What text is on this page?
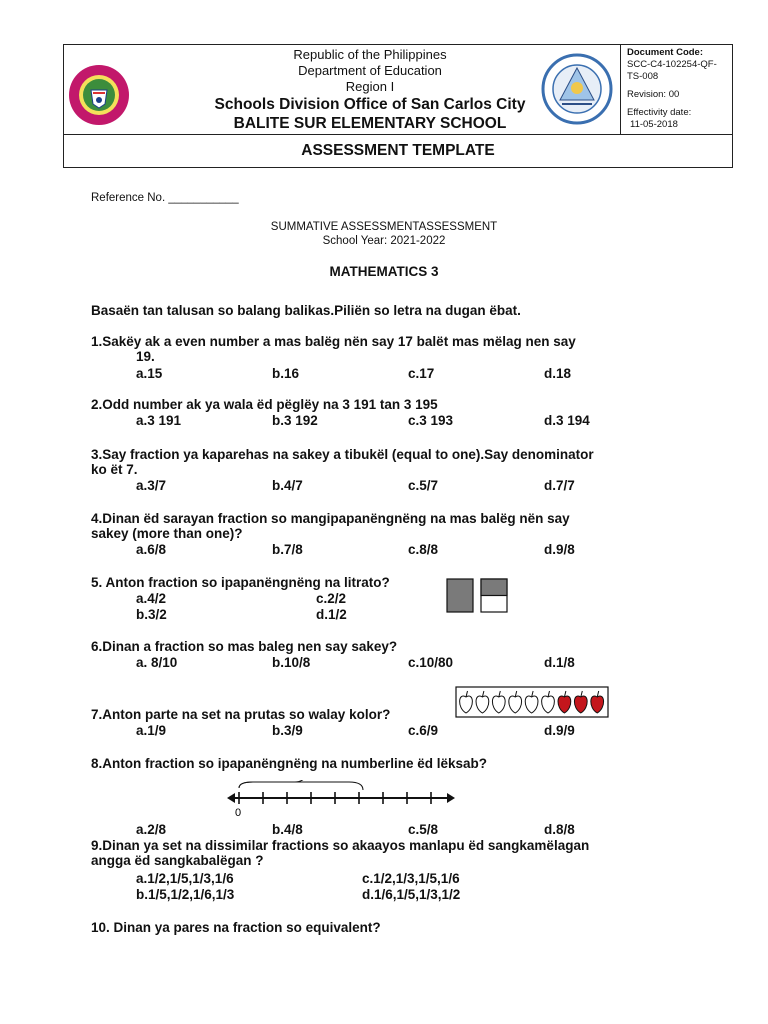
Republic of the Philippines
Department of Education
Region I
Schools Division Office of San Carlos City
BALITE SUR ELEMENTARY SCHOOL
Document Code:
SCC-C4-102254-QF-
TS-008
Revision: 00
Effectivity date:
11-05-2018
ASSESSMENT TEMPLATE
Reference No. ___________
SUMMATIVE ASSESSMENTASSESSMENT
School Year: 2021-2022
MATHEMATICS 3
Basaën tan talusan so balang balikas.Piliën so letra na dugan ëbat.
1.Sakëy ak a even number a mas balëg nën say 17 balët mas mëlag nen say
19.
a.15	b.16	c.17	d.18
2.Odd number ak ya wala ëd pëglëy na 3 191 tan 3 195
a.3 191	b.3 192	c.3 193	d.3 194
3.Say fraction ya kaparehas na sakey a tibukël (equal to one).Say denominator
ko ët 7.
a.3/7	b.4/7	c.5/7	d.7/7
4.Dinan ëd sarayan fraction so mangipapanëngnëng na mas balëg nën say
sakey (more than one)?
a.6/8	b.7/8	c.8/8	d.9/8
5. Anton fraction so ipapanëngnëng na litrato?
a.4/2	c.2/2
b.3/2	d.1/2
6.Dinan a fraction so mas baleg nen say sakey?
a. 8/10	b.10/8	c.10/80	d.1/8
7.Anton parte na set na prutas so walay kolor?
a.1/9	b.3/9	c.6/9	d.9/9
8.Anton fraction so ipapanëngnëng na numberline ëd lëksab?
0
a.2/8	b.4/8	c.5/8	d.8/8
9.Dinan ya set na dissimilar fractions so akaayos manlapu ëd sangkamëlagan
angga ëd sangkabalëgan ?
a.1/2,1/5,1/3,1/6	c.1/2,1/3,1/5,1/6
b.1/5,1/2,1/6,1/3	d.1/6,1/5,1/3,1/2
10. Dinan ya pares na fraction so equivalent?
